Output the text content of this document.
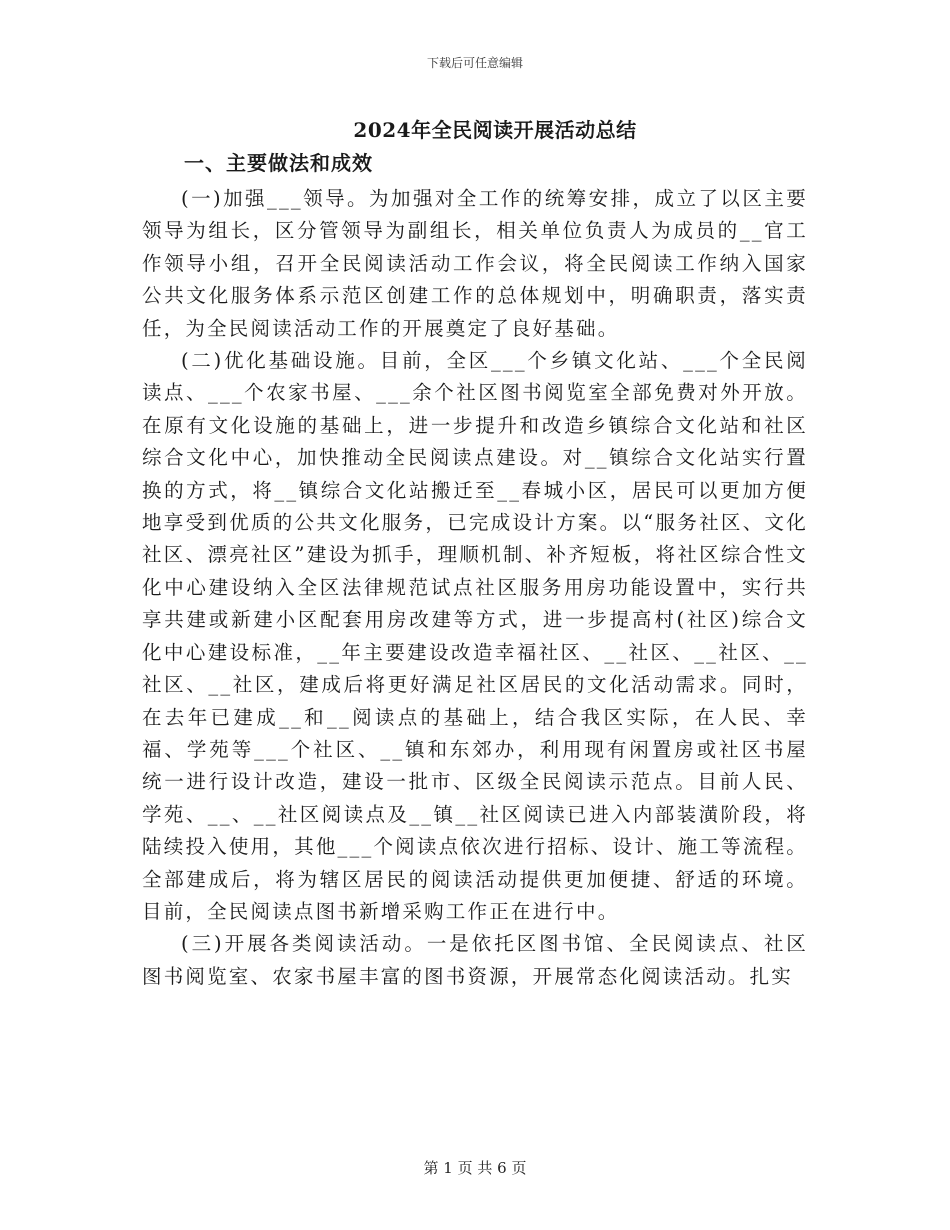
下载后可任意编辑
2024年全民阅读开展活动总结
一、主要做法和成效

(一)加强___领导。为加强对全工作的统筹安排，成立了以区主要领导为组长，区分管领导为副组长，相关单位负责人为成员的__官工作领导小组，召开全民阅读活动工作会议，将全民阅读工作纳入国家公共文化服务体系示范区创建工作的总体规划中，明确职责，落实责任，为全民阅读活动工作的开展奠定了良好基础。

(二)优化基础设施。目前，全区___个乡镇文化站、___个全民阅读点、___个农家书屋、___余个社区图书阅览室全部免费对外开放。在原有文化设施的基础上，进一步提升和改造乡镇综合文化站和社区综合文化中心，加快推动全民阅读点建设。对__镇综合文化站实行置换的方式，将__镇综合文化站搬迁至__春城小区，居民可以更加方便地享受到优质的公共文化服务，已完成设计方案。以“服务社区、文化社区、漂亮社区”建设为抓手，理顺机制、补齐短板，将社区综合性文化中心建设纳入全区法律规范试点社区服务用房功能设置中，实行共享共建或新建小区配套用房改建等方式，进一步提高村(社区)综合文化中心建设标准，__年主要建设改造幸福社区、__社区、__社区、__社区、__社区，建成后将更好满足社区居民的文化活动需求。同时，在去年已建成__和__阅读点的基础上，结合我区实际，在人民、幸福、学苑等___个社区、__镇和东郊办，利用现有闲置房或社区书屋统一进行设计改造，建设一批市、区级全民阅读示范点。目前人民、学苑、__、__社区阅读点及__镇__社区阅读已进入内部装潢阶段，将陆续投入使用，其他___个阅读点依次进行招标、设计、施工等流程。全部建成后，将为辖区居民的阅读活动提供更加便捷、舒适的环境。目前，全民阅读点图书新增采购工作正在进行中。

(三)开展各类阅读活动。一是依托区图书馆、全民阅读点、社区图书阅览室、农家书屋丰富的图书资源，开展常态化阅读活动。扎实

第 1 页 共 6 页
